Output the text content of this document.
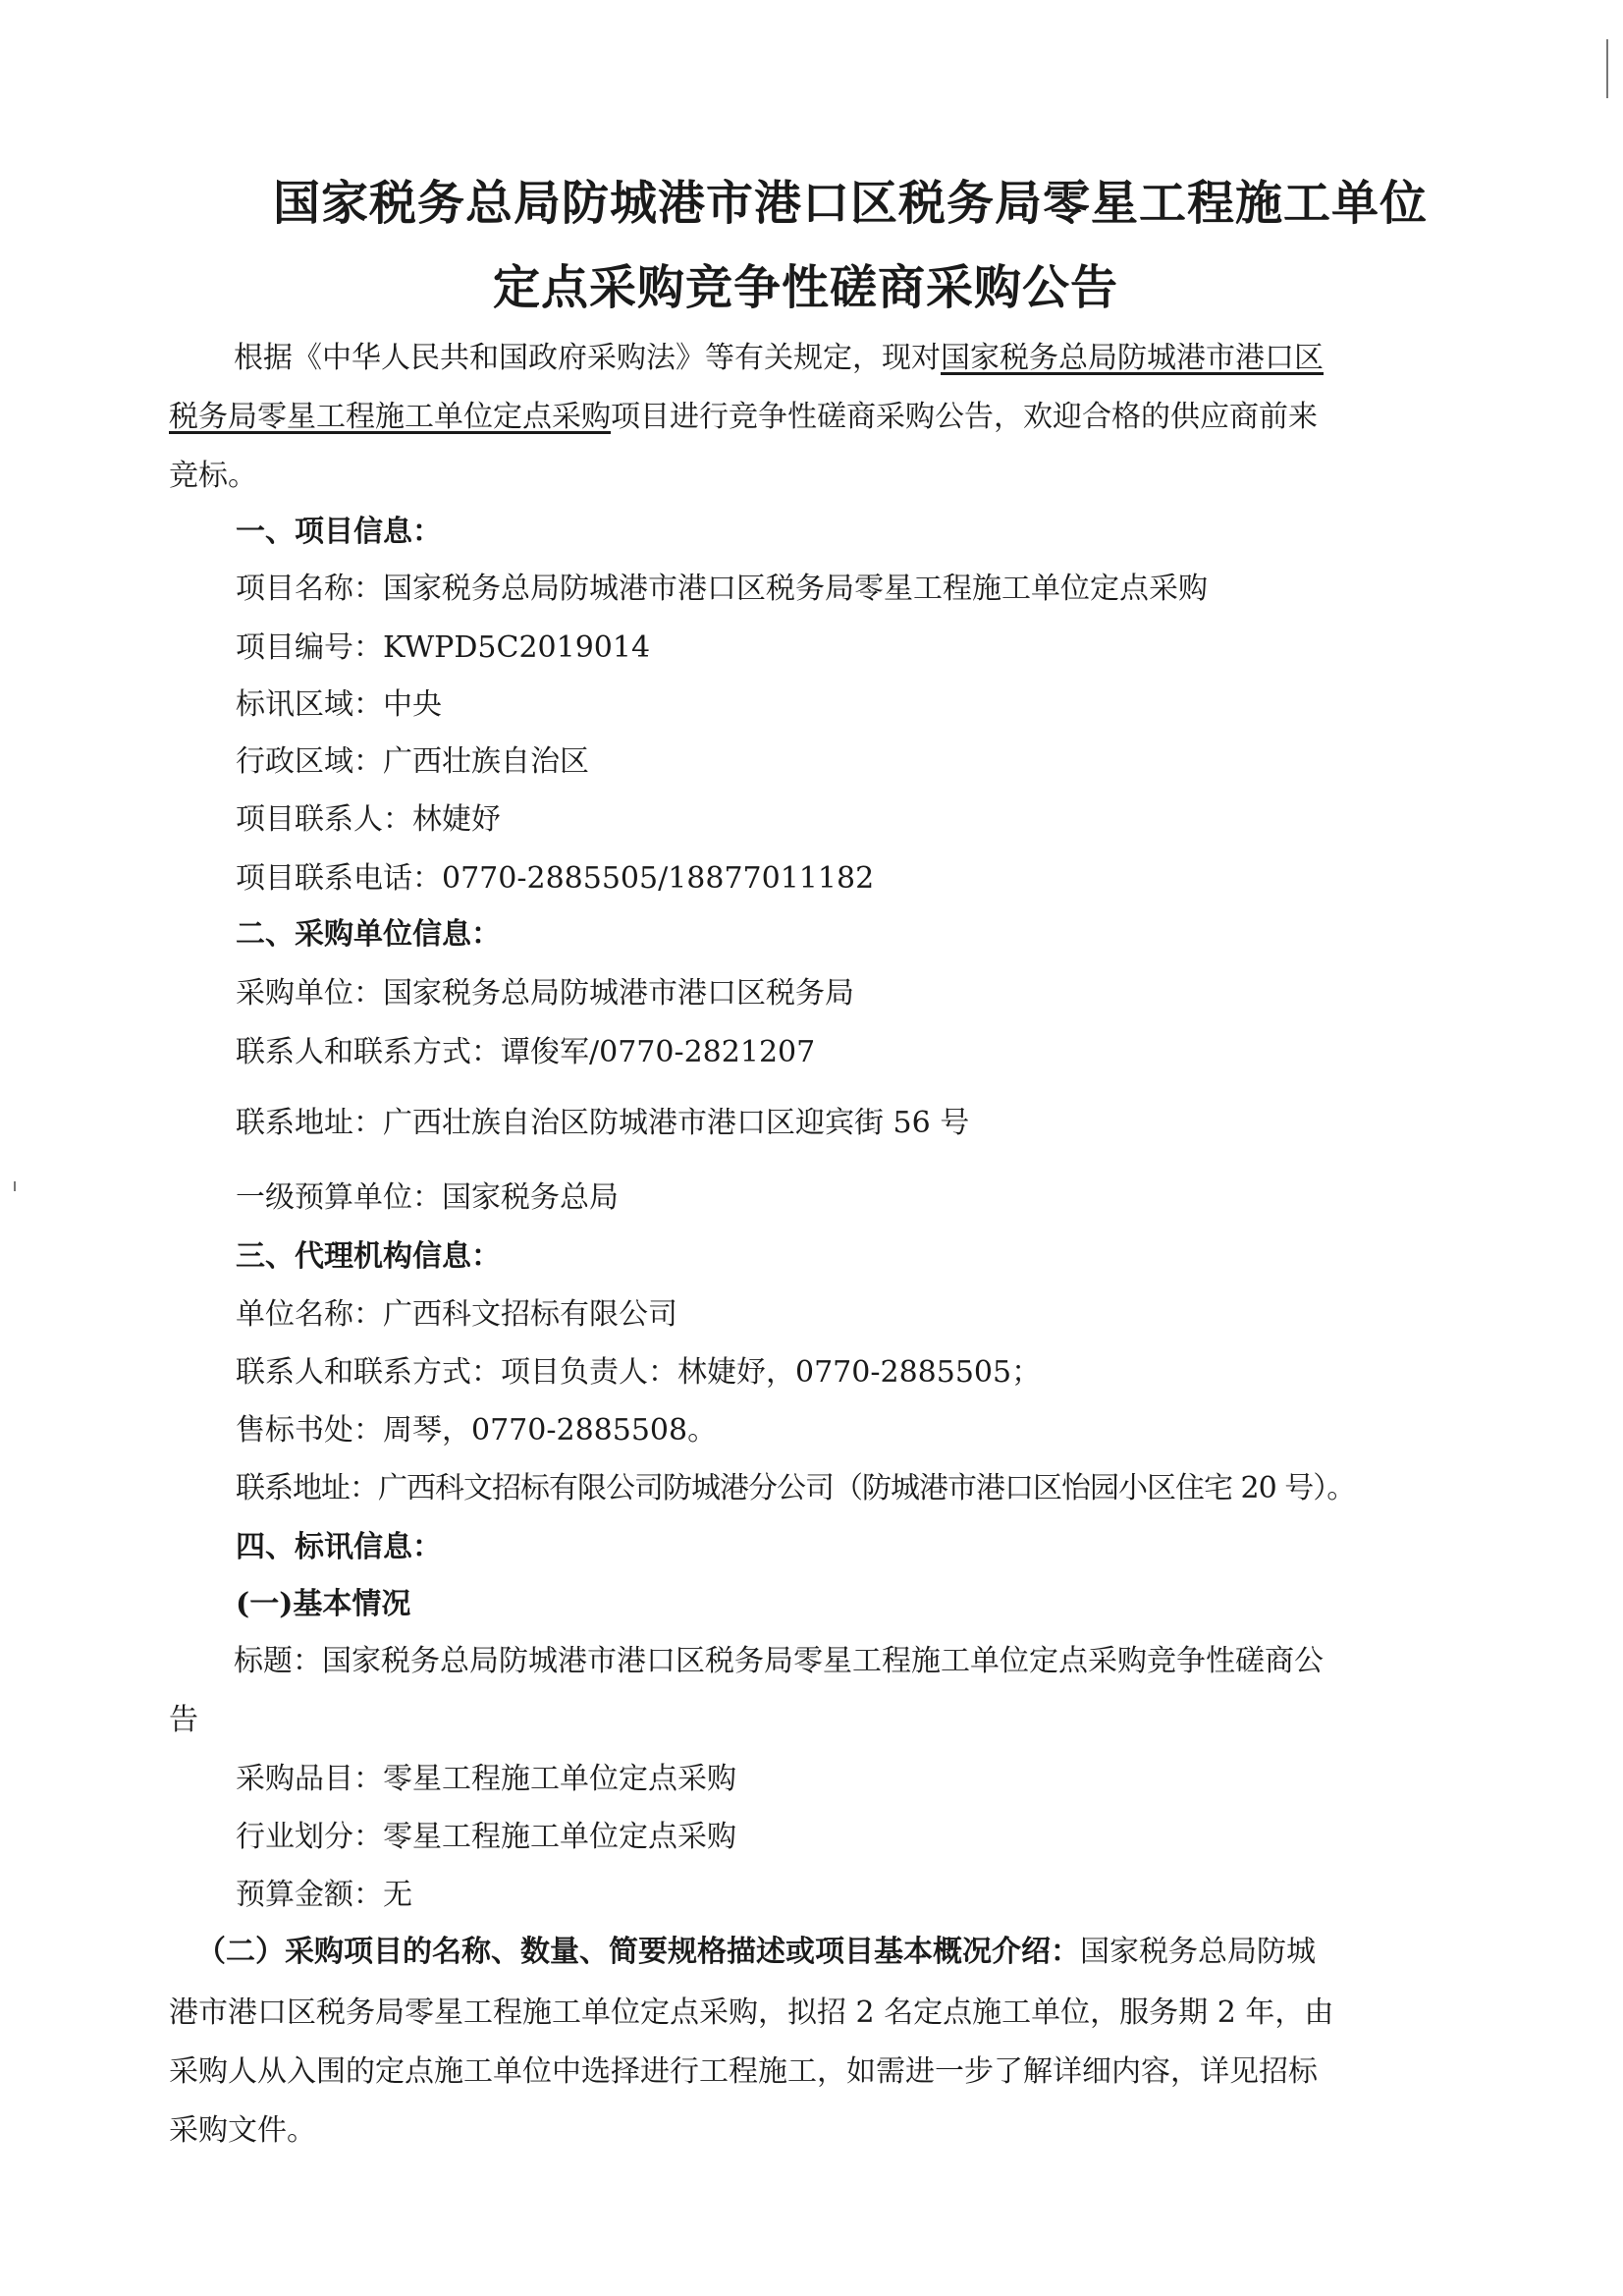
国家税务总局防城港市港口区税务局零星工程施工单位
定点采购竞争性磋商采购公告
根据《中华人民共和国政府采购法》等有关规定，现对国家税务总局防城港市港口区
税务局零星工程施工单位定点采购项目进行竞争性磋商采购公告，欢迎合格的供应商前来
竞标。
一、项目信息：
项目名称：国家税务总局防城港市港口区税务局零星工程施工单位定点采购
项目编号：KWPD5C2019014
标讯区域：中央
行政区域：广西壮族自治区
项目联系人：林婕妤
项目联系电话：0770-2885505/18877011182
二、采购单位信息：
采购单位：国家税务总局防城港市港口区税务局
联系人和联系方式：谭俊军/0770-2821207
联系地址：广西壮族自治区防城港市港口区迎宾街 56 号
一级预算单位：国家税务总局
三、代理机构信息：
单位名称：广西科文招标有限公司
联系人和联系方式：项目负责人：林婕妤，0770-2885505；
售标书处：周琴，0770-2885508。
联系地址：广西科文招标有限公司防城港分公司（防城港市港口区怡园小区住宅 20 号）。
四、标讯信息：
(一)基本情况
标题：国家税务总局防城港市港口区税务局零星工程施工单位定点采购竞争性磋商公
告
采购品目：零星工程施工单位定点采购
行业划分：零星工程施工单位定点采购
预算金额：无
（二）采购项目的名称、数量、简要规格描述或项目基本概况介绍：国家税务总局防城
港市港口区税务局零星工程施工单位定点采购，拟招 2 名定点施工单位，服务期 2 年，由
采购人从入围的定点施工单位中选择进行工程施工，如需进一步了解详细内容，详见招标
采购文件。
